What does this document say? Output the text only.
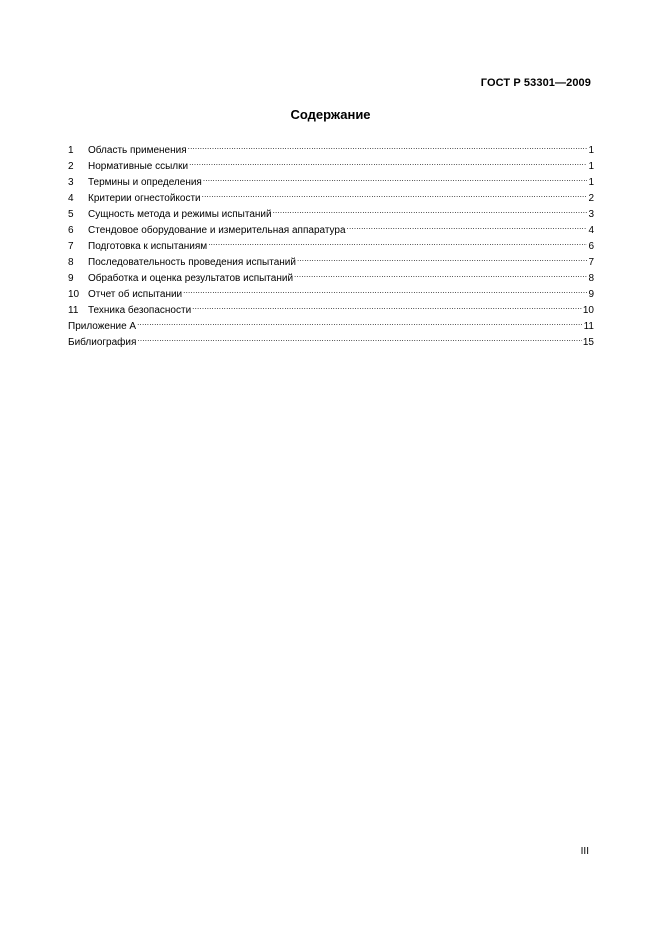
ГОСТ Р 53301—2009
Содержание
1	Область применения .....	1
2	Нормативные ссылки .....	1
3	Термины и определения .....	1
4	Критерии огнестойкости .....	2
5	Сущность метода и режимы испытаний .....	3
6	Стендовое оборудование и измерительная аппаратура .....	4
7	Подготовка к испытаниям .....	6
8	Последовательность проведения испытаний .....	7
9	Обработка и оценка результатов испытаний .....	8
10 Отчет об испытании .....	9
11 Техника безопасности .....	10
Приложение А .....	11
Библиография .....	15
III
